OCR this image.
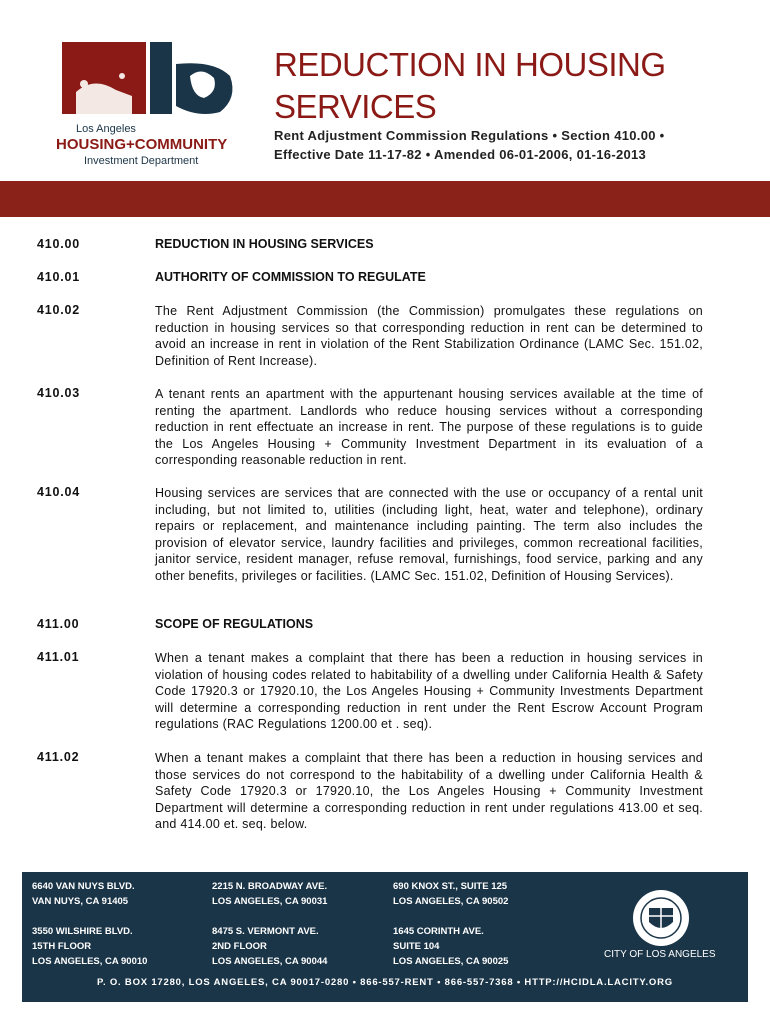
Los Angeles
HOUSING+COMMUNITY
Investment Department
REDUCTION IN HOUSING
SERVICES
Rent Adjustment Commission Regulations • Section 410.00 •
Effective Date 11-17-82 • Amended 06-01-2006, 01-16-2013
410.00	REDUCTION IN HOUSING SERVICES
410.01	AUTHORITY OF COMMISSION TO REGULATE
410.02	The Rent Adjustment Commission (the Commission) promulgates these regulations on reduction in housing services so that corresponding reduction in rent can be determined to avoid an increase in rent in violation of the Rent Stabilization Ordinance (LAMC Sec. 151.02, Definition of Rent Increase).
410.03	A tenant rents an apartment with the appurtenant housing services available at the time of renting the apartment. Landlords who reduce housing services without a corresponding reduction in rent effectuate an increase in rent. The purpose of these regulations is to guide the Los Angeles Housing + Community Investment Department in its evaluation of a corresponding reasonable reduction in rent.
410.04	Housing services are services that are connected with the use or occupancy of a rental unit including, but not limited to, utilities (including light, heat, water and telephone), ordinary repairs or replacement, and maintenance including painting. The term also includes the provision of elevator service, laundry facilities and privileges, common recreational facilities, janitor service, resident manager, refuse removal, furnishings, food service, parking and any other benefits, privileges or facilities. (LAMC Sec. 151.02, Definition of Housing Services).
411.00	SCOPE OF REGULATIONS
411.01	When a tenant makes a complaint that there has been a reduction in housing services in violation of housing codes related to habitability of a dwelling under California Health & Safety Code 17920.3 or 17920.10, the Los Angeles Housing + Community Investments Department will determine a corresponding reduction in rent under the Rent Escrow Account Program regulations (RAC Regulations 1200.00 et . seq).
411.02	When a tenant makes a complaint that there has been a reduction in housing services and those services do not correspond to the habitability of a dwelling under California Health & Safety Code 17920.3 or 17920.10, the Los Angeles Housing + Community Investment Department will determine a corresponding reduction in rent under regulations 413.00 et seq. and 414.00 et. seq. below.
6640 VAN NUYS BLVD.
VAN NUYS, CA 91405
2215 N. BROADWAY AVE.
LOS ANGELES, CA 90031
690 KNOX ST., SUITE 125
LOS ANGELES, CA 90502
3550 WILSHIRE BLVD.
15TH FLOOR
LOS ANGELES, CA 90010
8475 S. VERMONT AVE.
2ND FLOOR
LOS ANGELES, CA 90044
1645 CORINTH AVE.
SUITE 104
LOS ANGELES, CA 90025
CITY OF LOS ANGELES
P. O. BOX 17280, LOS ANGELES, CA 90017-0280 • 866-557-RENT • 866-557-7368 • HTTP://HCIDLA.LACITY.ORG
